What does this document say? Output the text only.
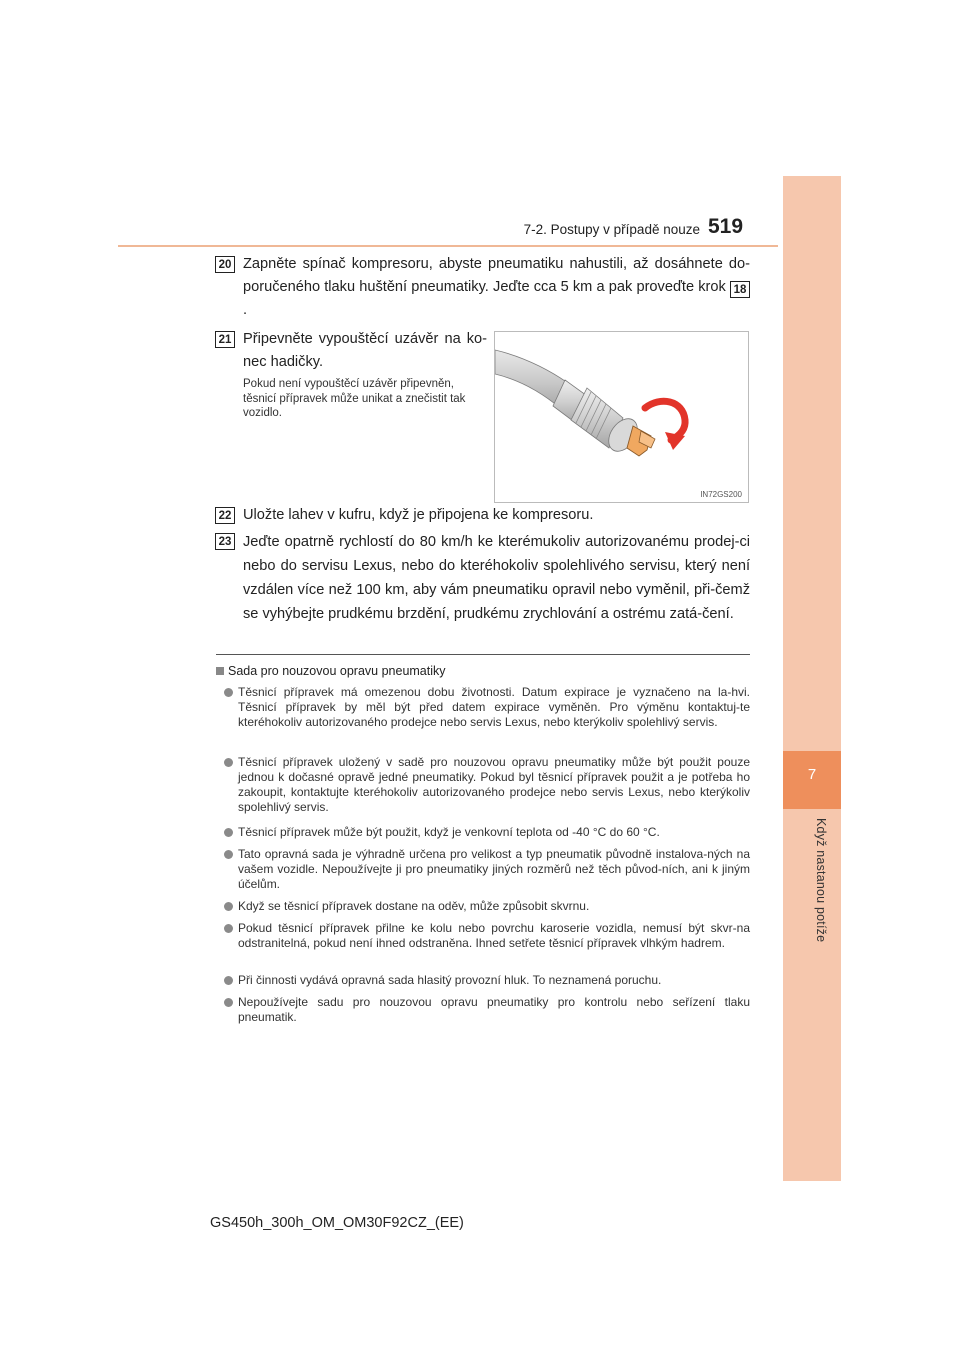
7
Když nastanou potíže
7-2. Postupy v případě nouze 519
20 Zapněte spínač kompresoru, abyste pneumatiku nahustili, až dosáhnete do-poručeného tlaku huštění pneumatiky. Jeďte cca 5 km a pak proveďte krok 18.
21 Připevněte vypouštěcí uzávěr na ko-nec hadičky.
Pokud není vypouštěcí uzávěr připevněn, těsnicí přípravek může unikat a znečistit tak vozidlo.
IN72GS200
22 Uložte lahev v kufru, když je připojena ke kompresoru.
23 Jeďte opatrně rychlostí do 80 km/h ke kterémukoliv autorizovanému prodej-ci nebo do servisu Lexus, nebo do kteréhokoliv spolehlivého servisu, který není vzdálen více než 100 km, aby vám pneumatiku opravil nebo vyměnil, při-čemž se vyhýbejte prudkému brzdění, prudkému zrychlování a ostrému zatá-čení.
Sada pro nouzovou opravu pneumatiky
Těsnicí přípravek má omezenou dobu životnosti. Datum expirace je vyznačeno na la-hvi. Těsnicí přípravek by měl být před datem expirace vyměněn. Pro výměnu kontaktuj-te kteréhokoliv autorizovaného prodejce nebo servis Lexus, nebo kterýkoliv spolehlivý servis.
Těsnicí přípravek uložený v sadě pro nouzovou opravu pneumatiky může být použit pouze jednou k dočasné opravě jedné pneumatiky. Pokud byl těsnicí přípravek použit a je potřeba ho zakoupit, kontaktujte kteréhokoliv autorizovaného prodejce nebo servis Lexus, nebo kterýkoliv spolehlivý servis.
Těsnicí přípravek může být použit, když je venkovní teplota od -40 °C do 60 °C.
Tato opravná sada je výhradně určena pro velikost a typ pneumatik původně instalova-ných na vašem vozidle. Nepoužívejte ji pro pneumatiky jiných rozměrů než těch původ-ních, ani k jiným účelům.
Když se těsnicí přípravek dostane na oděv, může způsobit skvrnu.
Pokud těsnicí přípravek přilne ke kolu nebo povrchu karoserie vozidla, nemusí být skvr-na odstranitelná, pokud není ihned odstraněna. Ihned setřete těsnicí přípravek vlhkým hadrem.
Při činnosti vydává opravná sada hlasitý provozní hluk. To neznamená poruchu.
Nepoužívejte sadu pro nouzovou opravu pneumatiky pro kontrolu nebo seřízení tlaku pneumatik.
GS450h_300h_OM_OM30F92CZ_(EE)
